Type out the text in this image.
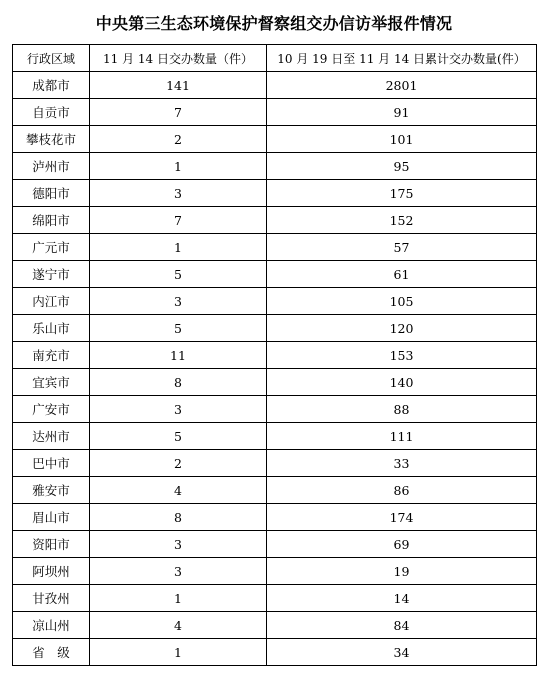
中央第三生态环境保护督察组交办信访举报件情况
行政区域	11 月 14 日交办数量（件）	10 月 19 日至 11 月 14 日累计交办数量(件）
成都市	141	2801
自贡市	7	91
攀枝花市	2	101
泸州市	1	95
德阳市	3	175
绵阳市	7	152
广元市	1	57
遂宁市	5	61
内江市	3	105
乐山市	5	120
南充市	11	153
宜宾市	8	140
广安市	3	88
达州市	5	111
巴中市	2	33
雅安市	4	86
眉山市	8	174
资阳市	3	69
阿坝州	3	19
甘孜州	1	14
凉山州	4	84
省　级	1	34
